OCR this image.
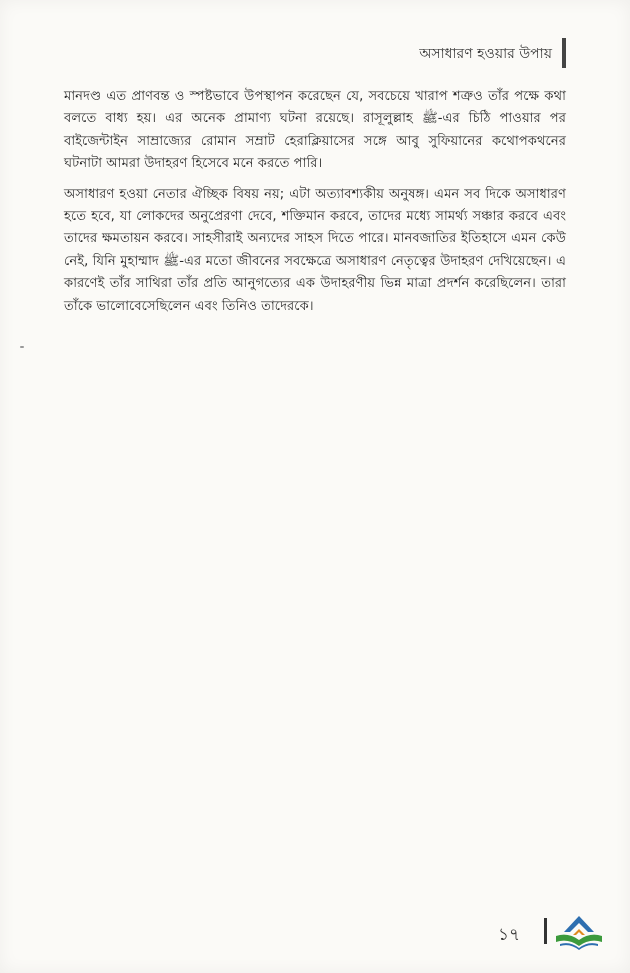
অসাধারণ হওয়ার উপায়

মানদণ্ড এত প্রাণবন্ত ও স্পষ্টভাবে উপস্থাপন করেছেন যে, সবচেয়ে খারাপ শত্রুও তাঁর পক্ষে কথা বলতে বাধ্য হয়। এর অনেক প্রামাণ্য ঘটনা রয়েছে। রাসূলুল্লাহ ﷺ-এর চিঠি পাওয়ার পর বাইজেন্টাইন সাম্রাজ্যের রোমান সম্রাট হেরাক্লিয়াসের সঙ্গে আবু সুফিয়ানের কথোপকথনের ঘটনাটা আমরা উদাহরণ হিসেবে মনে করতে পারি।

অসাধারণ হওয়া নেতার ঐচ্ছিক বিষয় নয়; এটা অত্যাবশ্যকীয় অনুষঙ্গ। এমন সব দিকে অসাধারণ হতে হবে, যা লোকদের অনুপ্রেরণা দেবে, শক্তিমান করবে, তাদের মধ্যে সামর্থ্য সঞ্চার করবে এবং তাদের ক্ষমতায়ন করবে। সাহসীরাই অন্যদের সাহস দিতে পারে। মানবজাতির ইতিহাসে এমন কেউ নেই, যিনি মুহাম্মাদ ﷺ-এর মতো জীবনের সবক্ষেত্রে অসাধারণ নেতৃত্বের উদাহরণ দেখিয়েছেন। এ কারণেই তাঁর সাথিরা তাঁর প্রতি আনুগত্যের এক উদাহরণীয় ভিন্ন মাত্রা প্রদর্শন করেছিলেন। তারা তাঁকে ভালোবেসেছিলেন এবং তিনিও তাদেরকে।

১৭
